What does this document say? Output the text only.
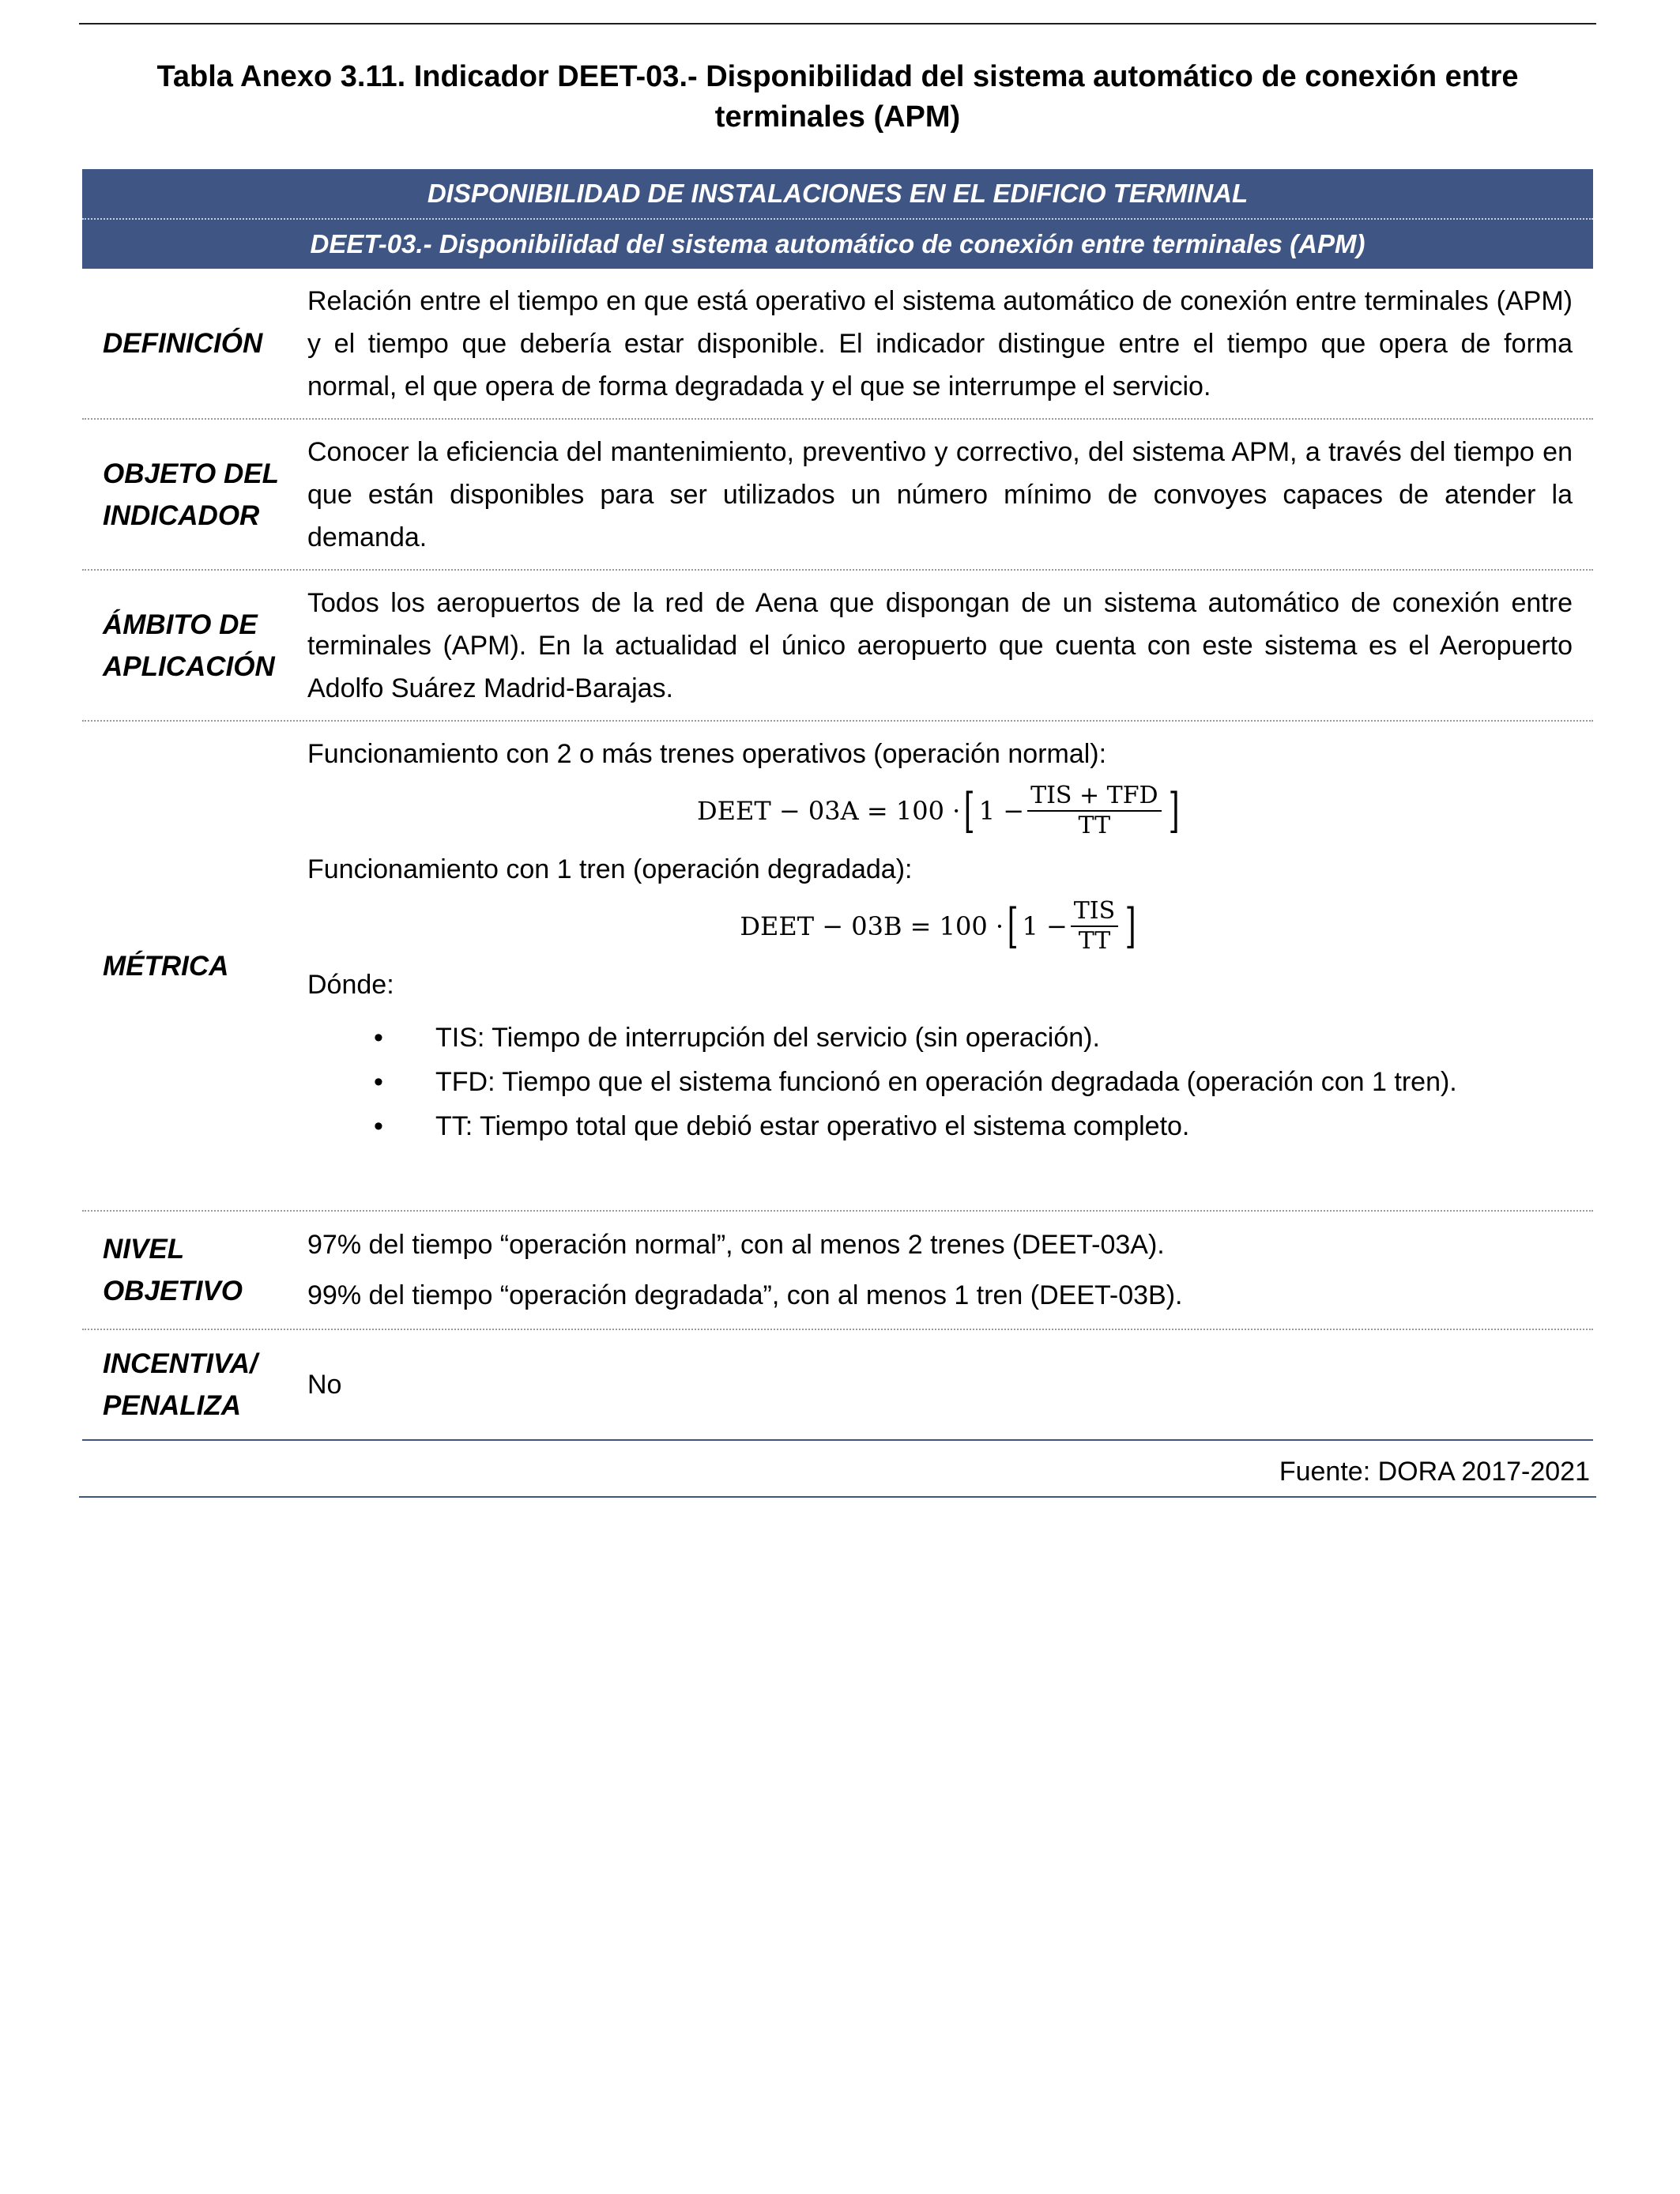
Tabla Anexo 3.11. Indicador DEET-03.- Disponibilidad del sistema automático de conexión entre terminales (APM)
DISPONIBILIDAD DE INSTALACIONES EN EL EDIFICIO TERMINAL
DEET-03.- Disponibilidad del sistema automático de conexión entre terminales (APM)
DEFINICIÓN
Relación entre el tiempo en que está operativo el sistema automático de conexión entre terminales (APM) y el tiempo que debería estar disponible. El indicador distingue entre el tiempo que opera de forma normal, el que opera de forma degradada y el que se interrumpe el servicio.
OBJETO DEL
INDICADOR
Conocer la eficiencia del mantenimiento, preventivo y correctivo, del sistema APM, a través del tiempo en que están disponibles para ser utilizados un número mínimo de convoyes capaces de atender la demanda.
ÁMBITO DE
APLICACIÓN
Todos los aeropuertos de la red de Aena que dispongan de un sistema automático de conexión entre terminales (APM). En la actualidad el único aeropuerto que cuenta con este sistema es el Aeropuerto Adolfo Suárez Madrid-Barajas.
MÉTRICA
Funcionamiento con 2 o más trenes operativos (operación normal):
DEET − 03A = 100 · [ $1 - \frac{\text{TIS + TFD}}{TT}$ ]
Funcionamiento con 1 tren (operación degradada):
DEET − 03B = 100 · [ $1 - \frac{\text{TIS}}{TT}$ ]
Dónde:
• TIS: Tiempo de interrupción del servicio (sin operación).
• TFD: Tiempo que el sistema funcionó en operación degradada (operación con 1 tren).
• TT: Tiempo total que debió estar operativo el sistema completo.
NIVEL
OBJETIVO

97% del tiempo “operación normal”, con al menos 2 trenes (DEET-03A).

99% del tiempo “operación degradada”, con al menos 1 tren (DEET-03B).

INCENTIVA/
PENALIZA
No
Fuente: DORA 2017-2021
